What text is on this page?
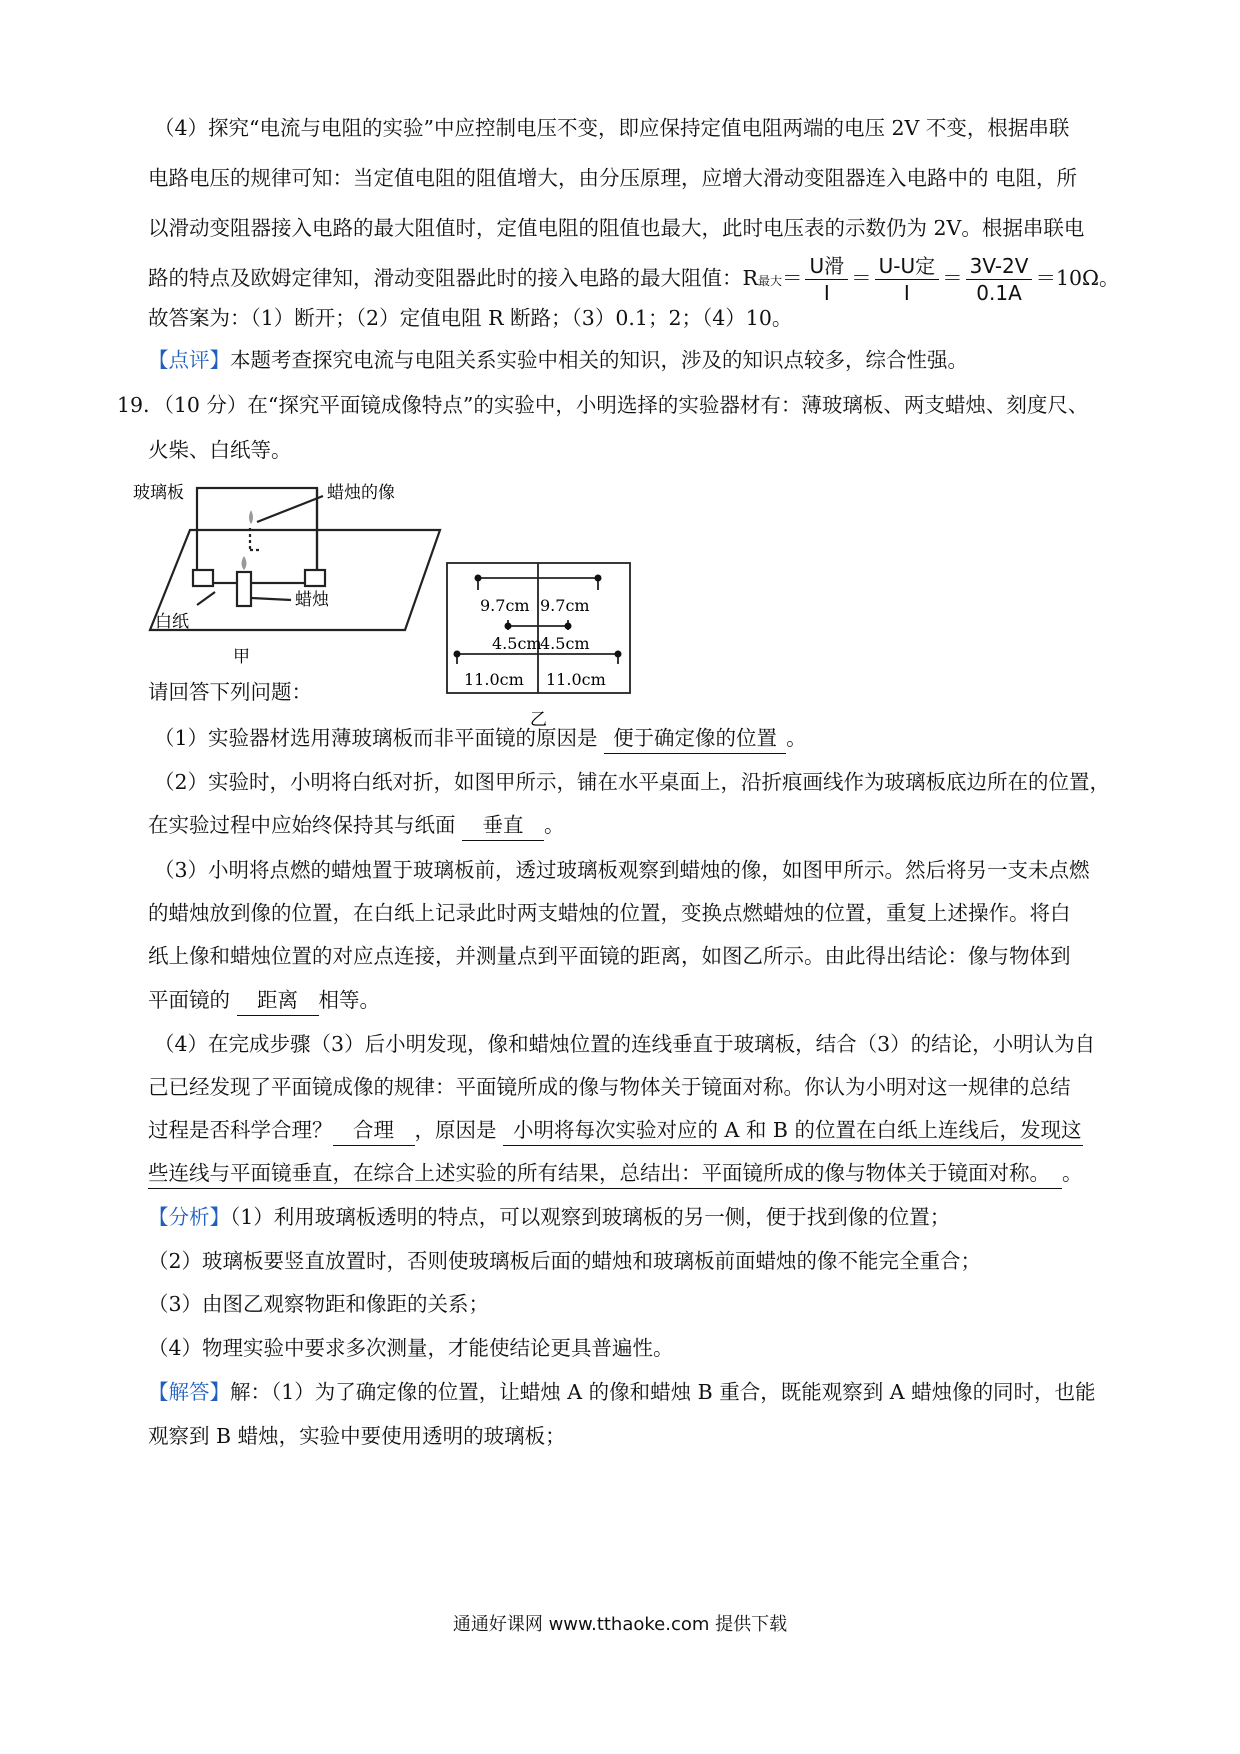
（4）探究“电流与电阻的实验”中应控制电压不变，即应保持定值电阻两端的电压 2V 不变，根据串联
电路电压的规律可知：当定值电阻的阻值增大，由分压原理，应增大滑动变阻器连入电路中的 电阻，所
以滑动变阻器接入电路的最大阻值时，定值电阻的阻值也最大，此时电压表的示数仍为 2V。根据串联电
路的特点及欧姆定律知，滑动变阻器此时的接入电路的最大阻值：R最大＝ $\frac{\text{U滑}}{I} = \frac{\text{U-U定}}{I} = \frac{3V-2V}{0.1A} =10\Omega$。
故答案为：（1）断开；（2）定值电阻 R 断路；（3）0.1；2；（4）10。
【点评】本题考查探究电流与电阻关系实验中相关的知识，涉及的知识点较多，综合性强。
19．（10 分）在“探究平面镜成像特点”的实验中，小明选择的实验器材有：薄玻璃板、两支蜡烛、刻度尺、
火柴、白纸等。
玻璃板	蜡烛的像
蜡烛
白纸
甲
9.7cm 9.7cm
4.5cm
4.5cm
11.0cm 11.0cm
乙
请回答下列问题：
（1）实验器材选用薄玻璃板而非平面镜的原因是 便于确定像的位置 。
（2）实验时，小明将白纸对折，如图甲所示，铺在水平桌面上，沿折痕画线作为玻璃板底边所在的位置，
在实验过程中应始终保持其与纸面 垂直 。
（3）小明将点燃的蜡烛置于玻璃板前，透过玻璃板观察到蜡烛的像，如图甲所示。然后将另一支未点燃
的蜡烛放到像的位置，在白纸上记录此时两支蜡烛的位置，变换点燃蜡烛的位置，重复上述操作。将白
纸上像和蜡烛位置的对应点连接，并测量点到平面镜的距离，如图乙所示。由此得出结论：像与物体到
平面镜的 距离 相等。
（4）在完成步骤（3）后小明发现，像和蜡烛位置的连线垂直于玻璃板，结合（3）的结论，小明认为自
己已经发现了平面镜成像的规律：平面镜所成的像与物体关于镜面对称。你认为小明对这一规律的总结
过程是否科学合理？ 合理 ，原因是 小明将每次实验对应的 A 和 B 的位置在白纸上连线后，发现这
些连线与平面镜垂直，在综合上述实验的所有结果，总结出：平面镜所成的像与物体关于镜面对称。 。
【分析】（1）利用玻璃板透明的特点，可以观察到玻璃板的另一侧，便于找到像的位置；
（2）玻璃板要竖直放置时，否则使玻璃板后面的蜡烛和玻璃板前面蜡烛的像不能完全重合；
（3）由图乙观察物距和像距的关系；
（4）物理实验中要求多次测量，才能使结论更具普遍性。
【解答】解：（1）为了确定像的位置，让蜡烛 A 的像和蜡烛 B 重合，既能观察到 A 蜡烛像的同时，也能
观察到 B 蜡烛，实验中要使用透明的玻璃板；
通通好课网 www.tthaoke.com 提供下载
